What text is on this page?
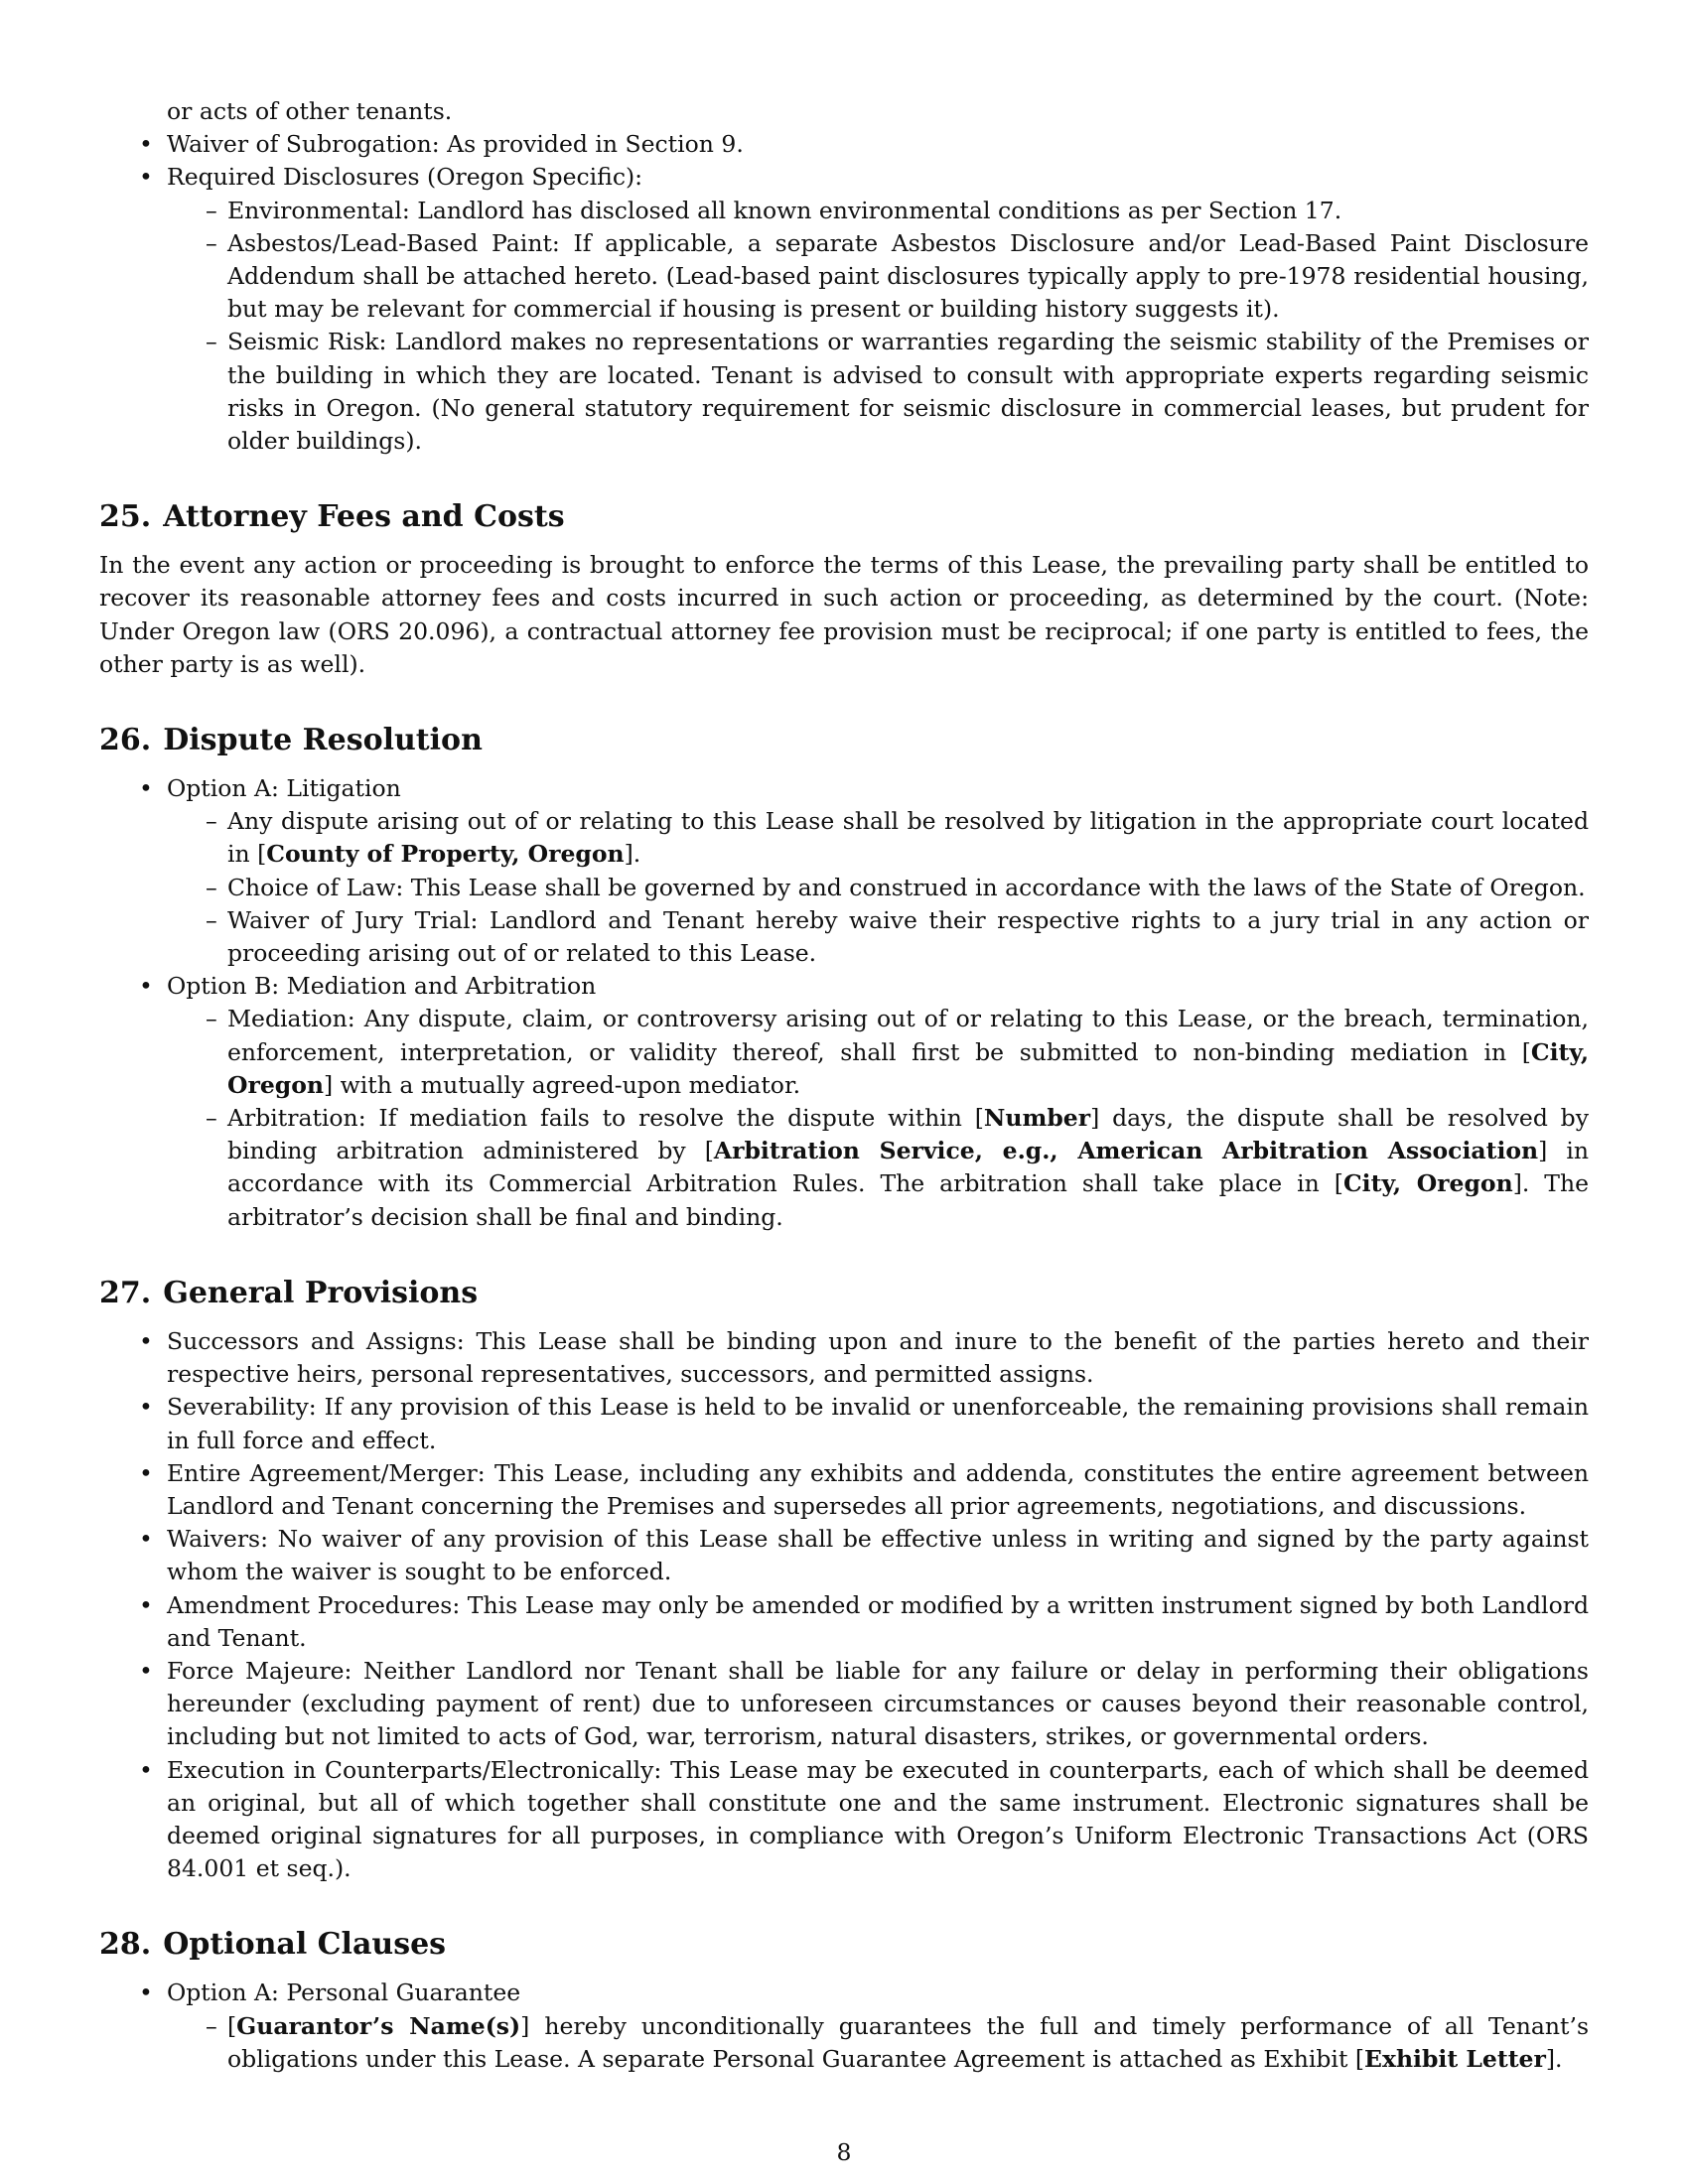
or acts of other tenants.
• Waiver of Subrogation: As provided in Section 9.
• Required Disclosures (Oregon Specific):
– Environmental: Landlord has disclosed all known environmental conditions as per Section 17.
– Asbestos/Lead-Based Paint: If applicable, a separate Asbestos Disclosure and/or Lead-Based Paint Disclosure Addendum shall be attached hereto. (Lead-based paint disclosures typically apply to pre-1978 residential housing, but may be relevant for commercial if housing is present or building history suggests it).
– Seismic Risk: Landlord makes no representations or warranties regarding the seismic stability of the Premises or the building in which they are located. Tenant is advised to consult with appropriate experts regarding seismic risks in Oregon. (No general statutory requirement for seismic disclosure in commercial leases, but prudent for older buildings).
25. Attorney Fees and Costs

In the event any action or proceeding is brought to enforce the terms of this Lease, the prevailing party shall be entitled to recover its reasonable attorney fees and costs incurred in such action or proceeding, as determined by the court. (Note: Under Oregon law (ORS 20.096), a contractual attorney fee provision must be reciprocal; if one party is entitled to fees, the other party is as well).

26. Dispute Resolution
• Option A: Litigation
– Any dispute arising out of or relating to this Lease shall be resolved by litigation in the appropriate court located in [County of Property, Oregon].
– Choice of Law: This Lease shall be governed by and construed in accordance with the laws of the State of Oregon.
– Waiver of Jury Trial: Landlord and Tenant hereby waive their respective rights to a jury trial in any action or proceeding arising out of or related to this Lease.
• Option B: Mediation and Arbitration
– Mediation: Any dispute, claim, or controversy arising out of or relating to this Lease, or the breach, termination, enforcement, interpretation, or validity thereof, shall first be submitted to non-binding mediation in [City, Oregon] with a mutually agreed-upon mediator.
– Arbitration: If mediation fails to resolve the dispute within [Number] days, the dispute shall be resolved by binding arbitration administered by [Arbitration Service, e.g., American Arbitration Association] in accordance with its Commercial Arbitration Rules. The arbitration shall take place in [City, Oregon]. The arbitrator’s decision shall be final and binding.
27. General Provisions
• Successors and Assigns: This Lease shall be binding upon and inure to the benefit of the parties hereto and their respective heirs, personal representatives, successors, and permitted assigns.
• Severability: If any provision of this Lease is held to be invalid or unenforceable, the remaining provisions shall remain in full force and effect.
• Entire Agreement/Merger: This Lease, including any exhibits and addenda, constitutes the entire agreement between Landlord and Tenant concerning the Premises and supersedes all prior agreements, negotiations, and discussions.
• Waivers: No waiver of any provision of this Lease shall be effective unless in writing and signed by the party against whom the waiver is sought to be enforced.
• Amendment Procedures: This Lease may only be amended or modified by a written instrument signed by both Landlord and Tenant.
• Force Majeure: Neither Landlord nor Tenant shall be liable for any failure or delay in performing their obligations hereunder (excluding payment of rent) due to unforeseen circumstances or causes beyond their reasonable control, including but not limited to acts of God, war, terrorism, natural disasters, strikes, or governmental orders.
• Execution in Counterparts/Electronically: This Lease may be executed in counterparts, each of which shall be deemed an original, but all of which together shall constitute one and the same instrument. Electronic signatures shall be deemed original signatures for all purposes, in compliance with Oregon’s Uniform Electronic Transactions Act (ORS 84.001 et seq.).
28. Optional Clauses
• Option A: Personal Guarantee
– [Guarantor’s Name(s)] hereby unconditionally guarantees the full and timely performance of all Tenant’s obligations under this Lease. A separate Personal Guarantee Agreement is attached as Exhibit [Exhibit Letter].
8
